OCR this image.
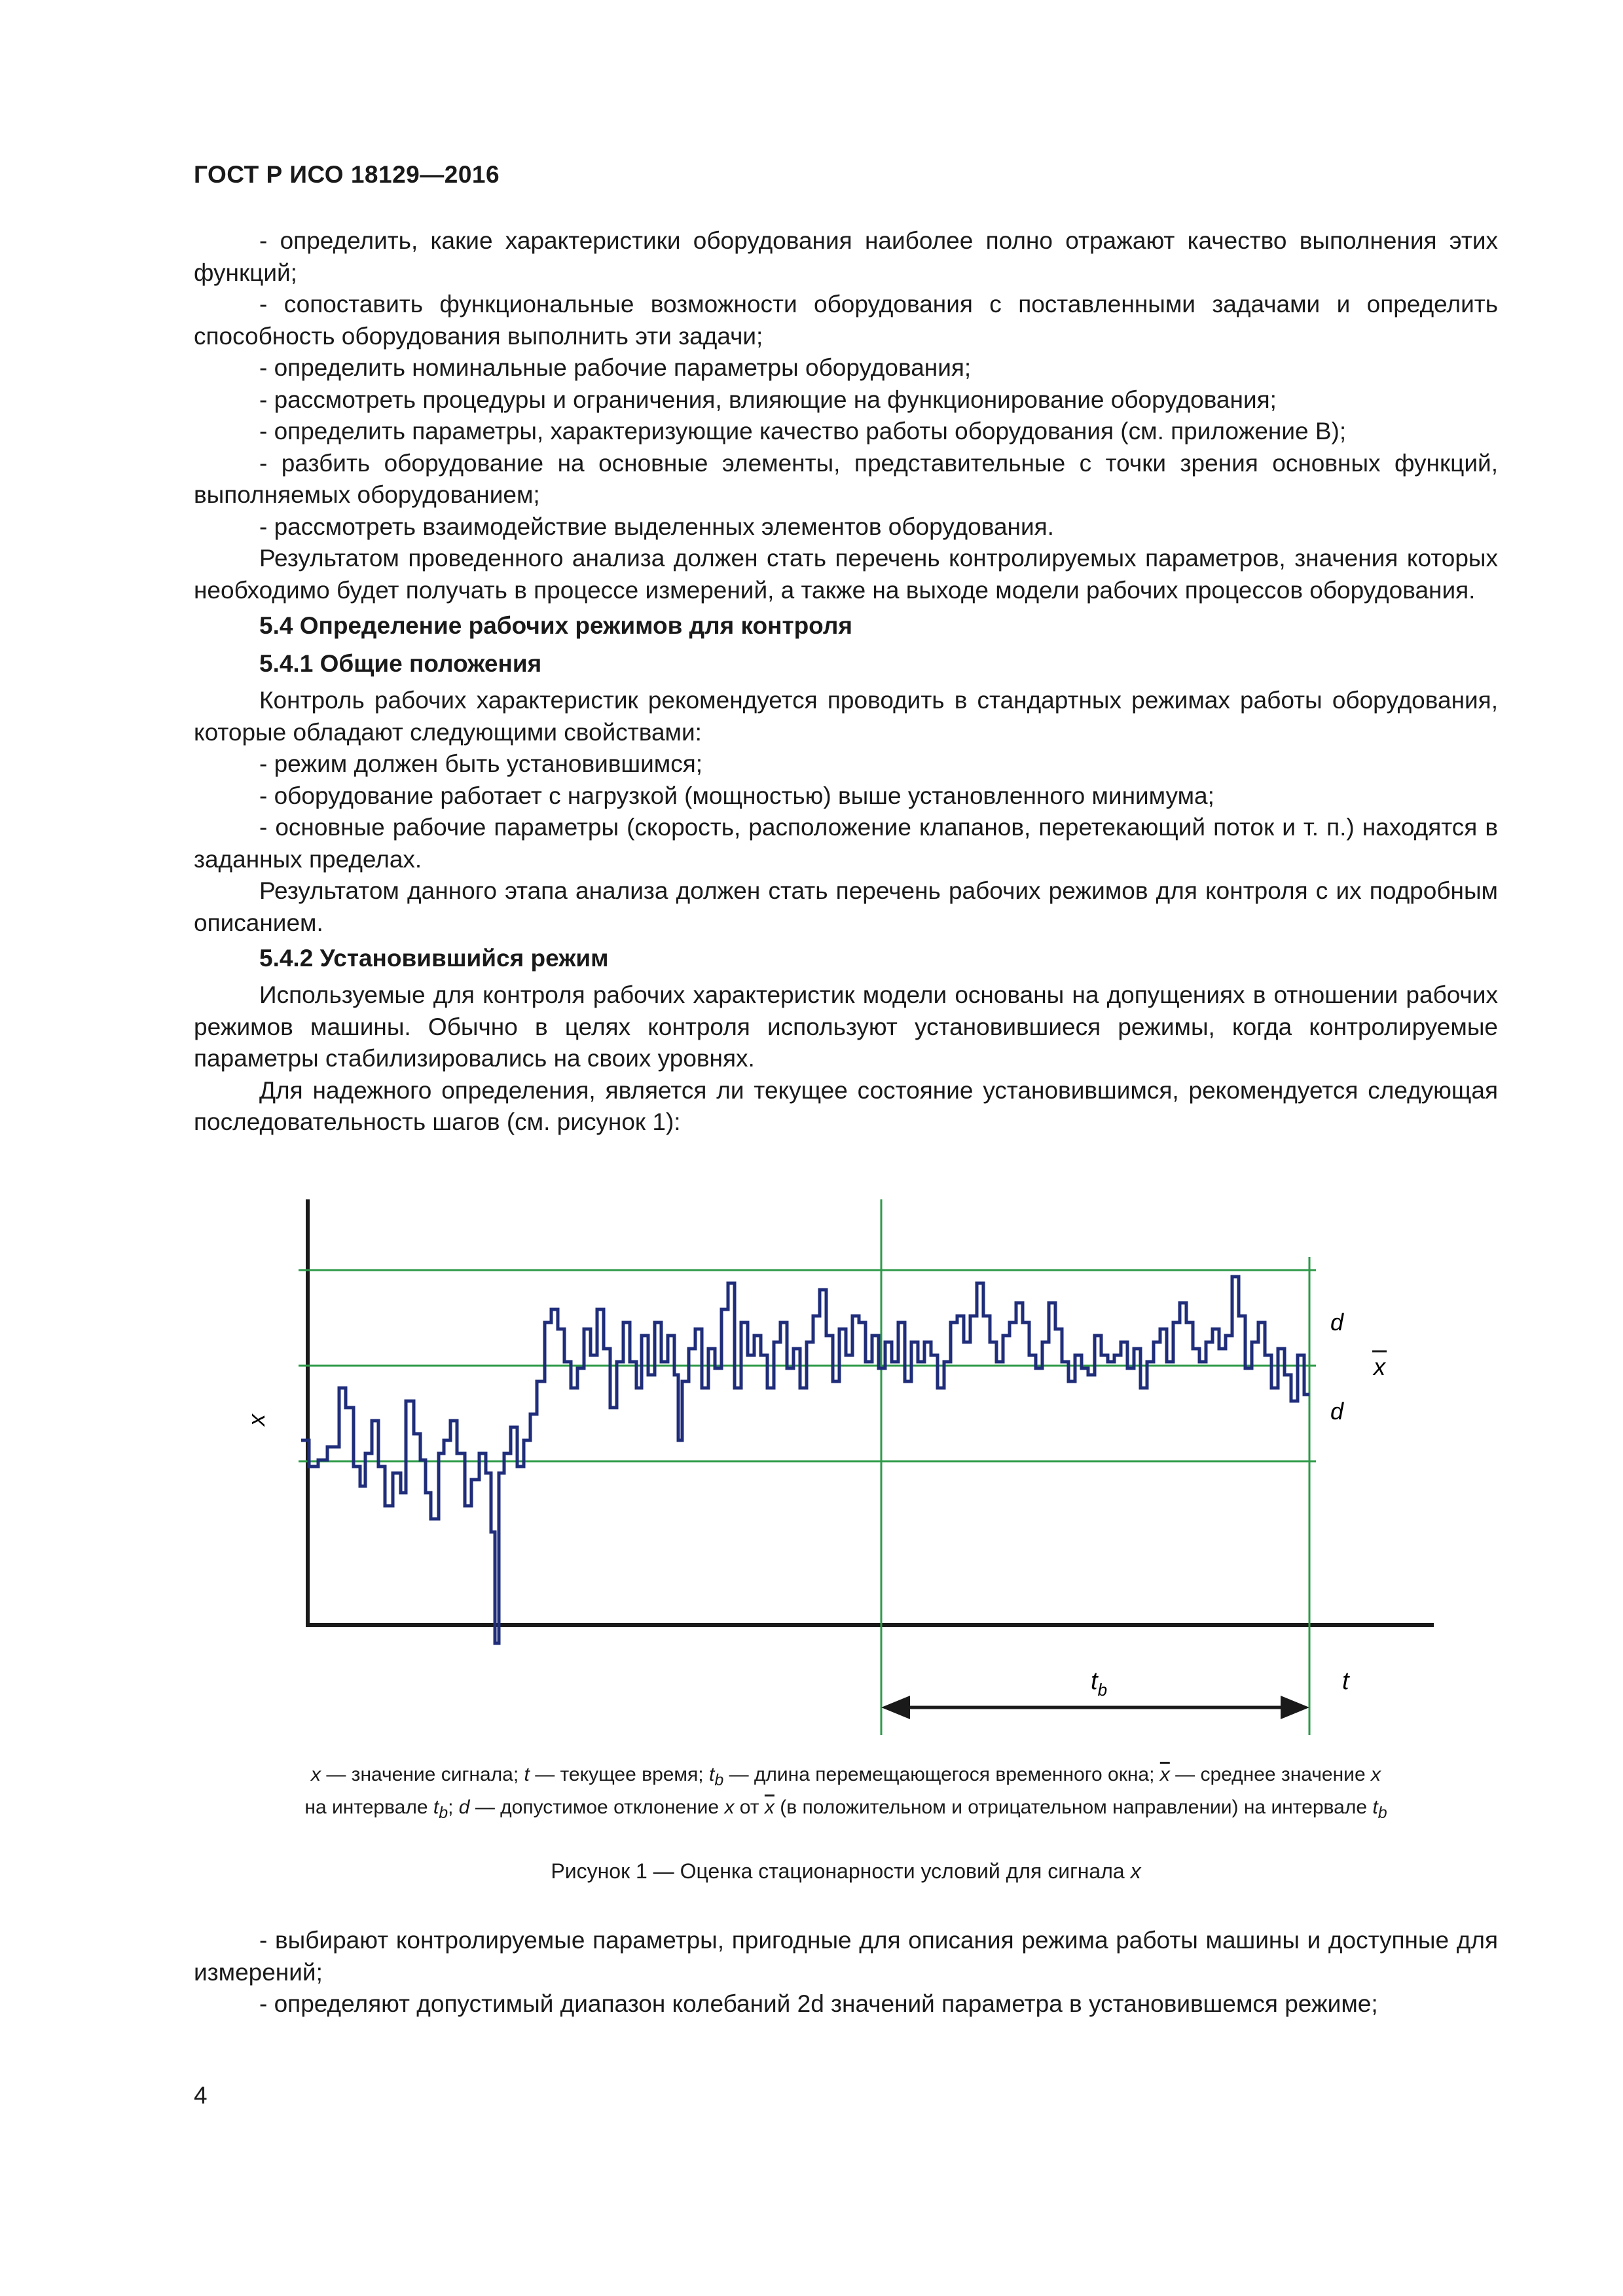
ГОСТ Р ИСО 18129—2016

- определить, какие характеристики оборудования наиболее полно отражают качество выполнения этих функций;

- сопоставить функциональные возможности оборудования с поставленными задачами и определить способность оборудования выполнить эти задачи;

- определить номинальные рабочие параметры оборудования;

- рассмотреть процедуры и ограничения, влияющие на функционирование оборудования;

- определить параметры, характеризующие качество работы оборудования (см. приложение В);

- разбить оборудование на основные элементы, представительные с точки зрения основных функций, выполняемых оборудованием;

- рассмотреть взаимодействие выделенных элементов оборудования.

Результатом проведенного анализа должен стать перечень контролируемых параметров, значения которых необходимо будет получать в процессе измерений, а также на выходе модели рабочих процессов оборудования.

5.4 Определение рабочих режимов для контроля
5.4.1 Общие положения

Контроль рабочих характеристик рекомендуется проводить в стандартных режимах работы оборудования, которые обладают следующими свойствами:

- режим должен быть установившимся;

- оборудование работает с нагрузкой (мощностью) выше установленного минимума;

- основные рабочие параметры (скорость, расположение клапанов, перетекающий поток и т. п.) находятся в заданных пределах.

Результатом данного этапа анализа должен стать перечень рабочих режимов для контроля с их подробным описанием.

5.4.2 Установившийся режим

Используемые для контроля рабочих характеристик модели основаны на допущениях в отношении рабочих режимов машины. Обычно в целях контроля используют установившиеся режимы, когда контролируемые параметры стабилизировались на своих уровнях.

Для надежного определения, является ли текущее состояние установившимся, рекомендуется следующая последовательность шагов (см. рисунок 1):

x
t
$t_b$
d
d
x
x — значение сигнала; t — текущее время; $t_b$ — длина перемещающегося временного окна; $\overline{x}$ — среднее значение x
на интервале $t_b$; d — допустимое отклонение x от $\overline{x}$ (в положительном и отрицательном направлении) на интервале $t_b$
Рисунок 1 — Оценка стационарности условий для сигнала x

- выбирают контролируемые параметры, пригодные для описания режима работы машины и доступные для измерений;

- определяют допустимый диапазон колебаний 2d значений параметра в установившемся режиме;

4
